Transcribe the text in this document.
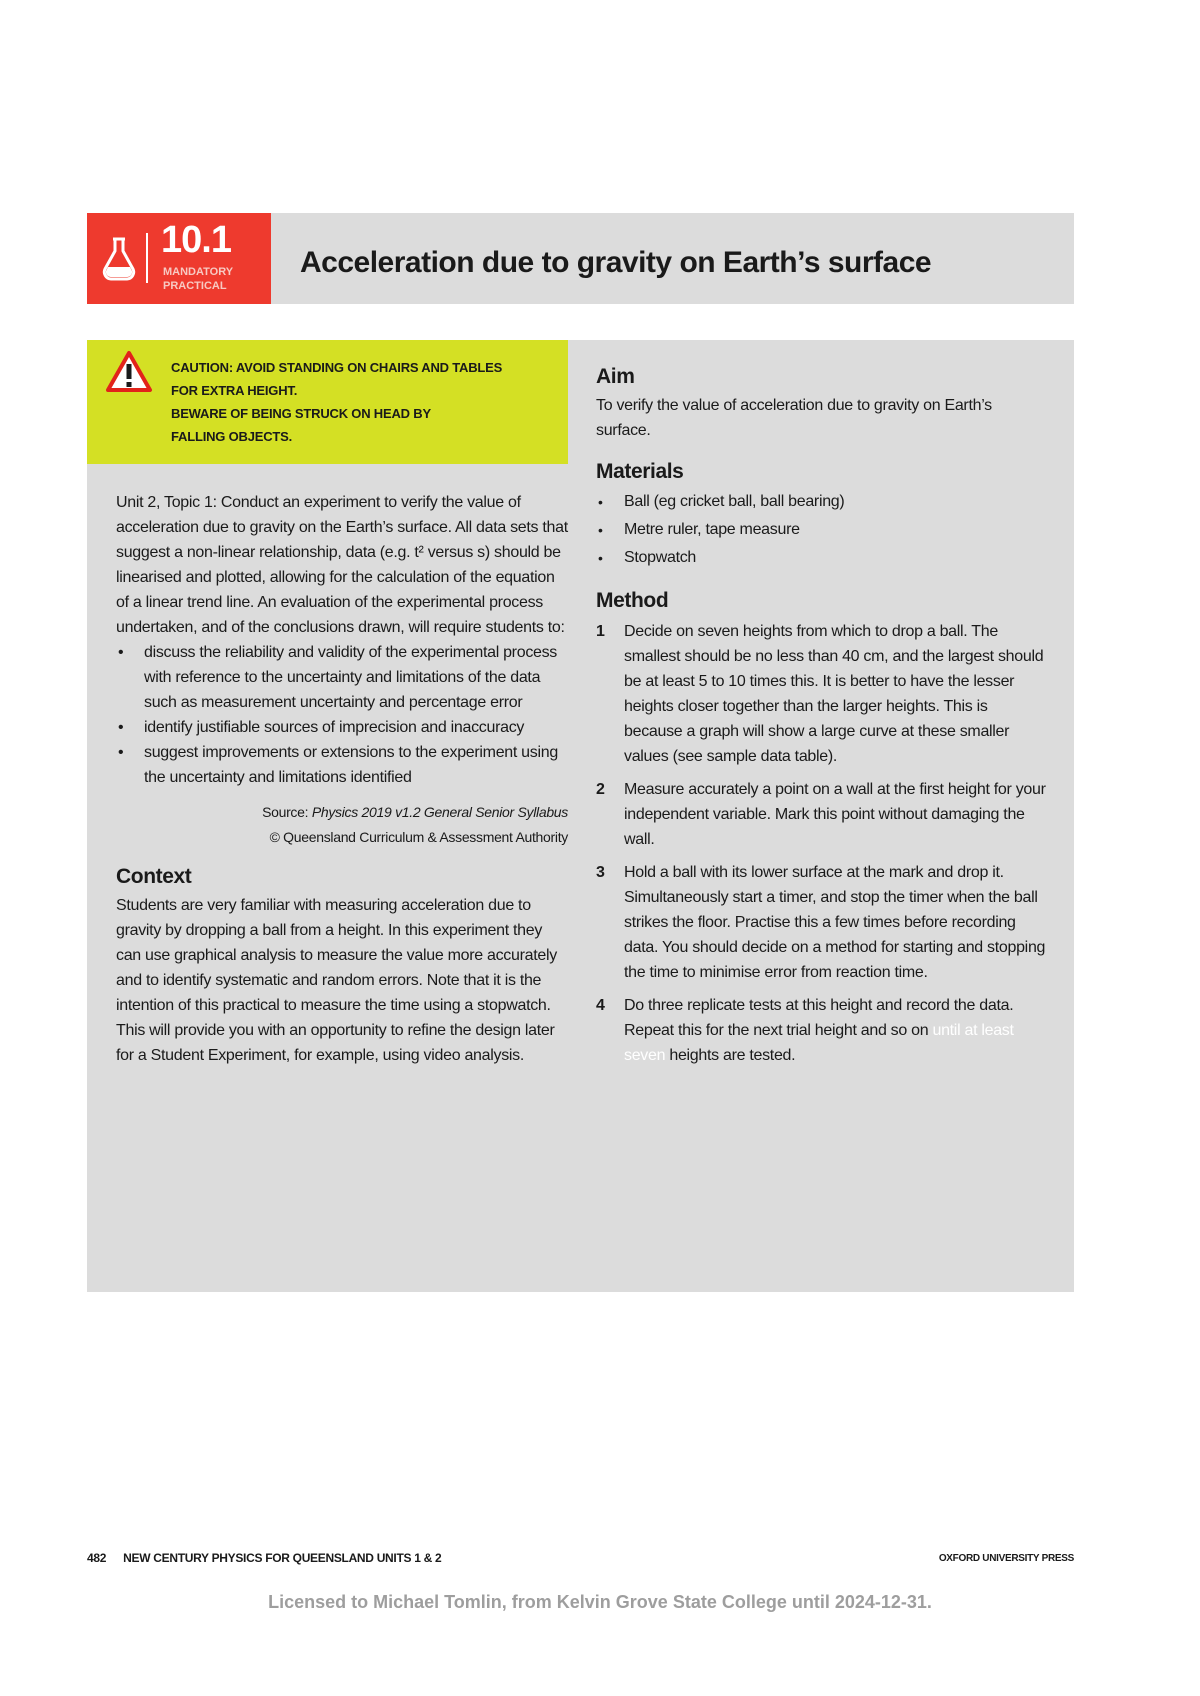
10.1
MANDATORY
PRACTICAL
Acceleration due to gravity on Earth’s surface
CAUTION: AVOID STANDING ON CHAIRS AND TABLES
FOR EXTRA HEIGHT.
BEWARE OF BEING STRUCK ON HEAD BY
FALLING OBJECTS.

Unit 2, Topic 1: Conduct an experiment to verify the value of acceleration due to gravity on the Earth’s surface. All data sets that suggest a non-linear relationship, data (e.g. t² versus s) should be linearised and plotted, allowing for the calculation of the equation of a linear trend line. An evaluation of the experimental process undertaken, and of the conclusions drawn, will require students to:

• discuss the reliability and validity of the experimental process with reference to the uncertainty and limitations of the data such as measurement uncertainty and percentage error
• identify justifiable sources of imprecision and inaccuracy
• suggest improvements or extensions to the experiment using the uncertainty and limitations identified

Source: Physics 2019 v1.2 General Senior Syllabus
© Queensland Curriculum & Assessment Authority

Context

Students are very familiar with measuring acceleration due to gravity by dropping a ball from a height. In this experiment they can use graphical analysis to measure the value more accurately and to identify systematic and random errors. Note that it is the intention of this practical to measure the time using a stopwatch. This will provide you with an opportunity to refine the design later for a Student Experiment, for example, using video analysis.

Aim

To verify the value of acceleration due to gravity on Earth’s surface.

Materials
• Ball (eg cricket ball, ball bearing)
• Metre ruler, tape measure
• Stopwatch
Method
1 Decide on seven heights from which to drop a ball. The smallest should be no less than 40 cm, and the largest should be at least 5 to 10 times this. It is better to have the lesser heights closer together than the larger heights. This is because a graph will show a large curve at these smaller values (see sample data table).
2 Measure accurately a point on a wall at the first height for your independent variable. Mark this point without damaging the wall.
3 Hold a ball with its lower surface at the mark and drop it. Simultaneously start a timer, and stop the timer when the ball strikes the floor. Practise this a few times before recording data. You should decide on a method for starting and stopping the time to minimise error from reaction time.
4 Do three replicate tests at this height and record the data. Repeat this for the next trial height and so on until at least seven heights are tested.
482 NEW CENTURY PHYSICS FOR QUEENSLAND UNITS 1 & 2	OXFORD UNIVERSITY PRESS
Licensed to Michael Tomlin, from Kelvin Grove State College until 2024-12-31.
